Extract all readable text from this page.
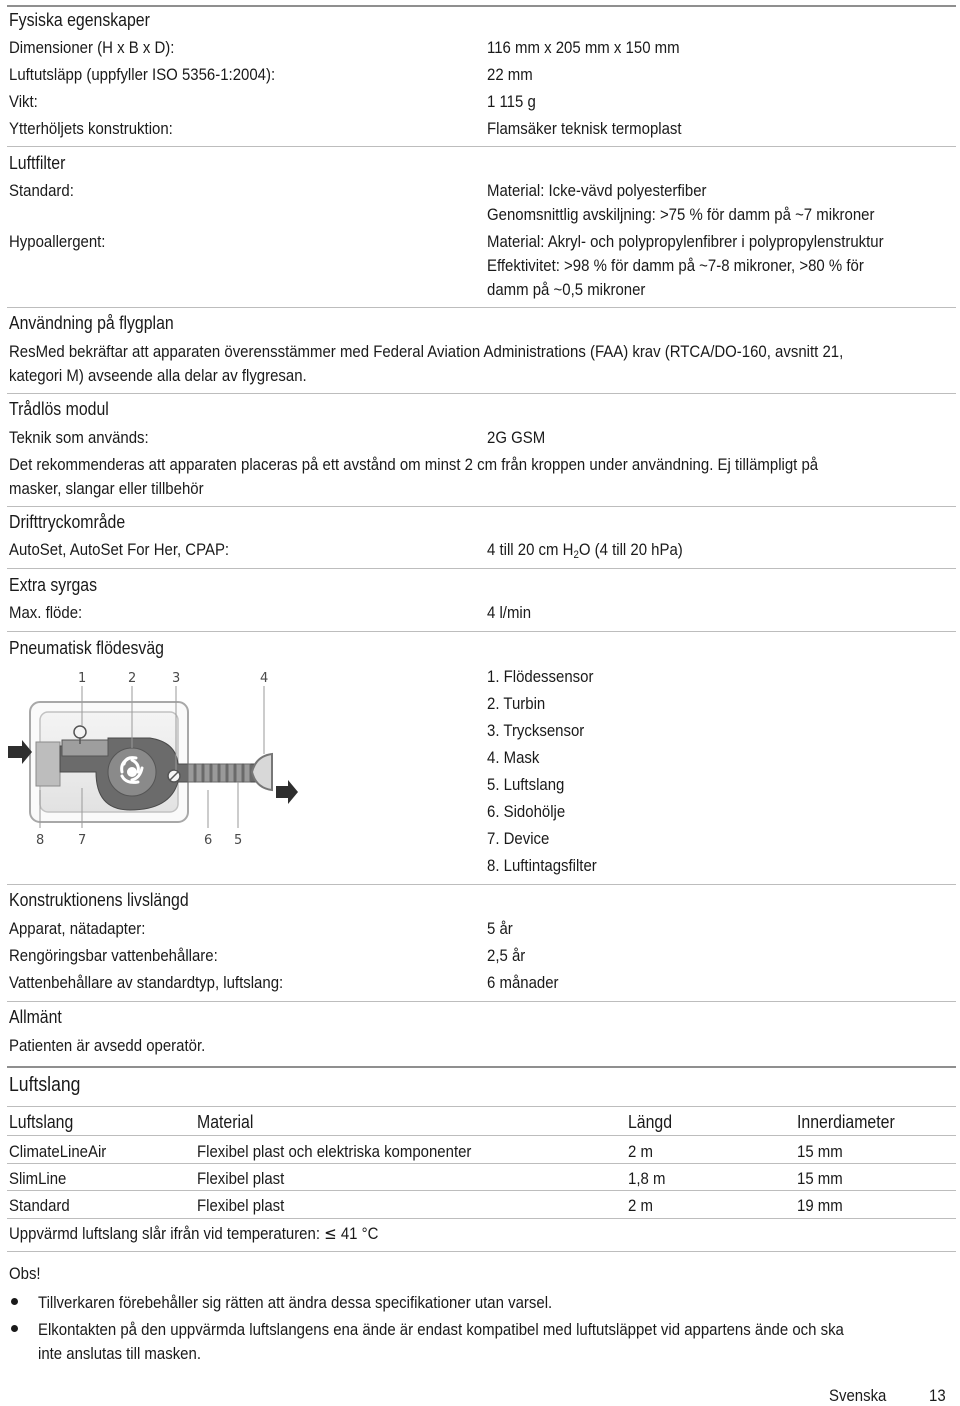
Fysiska egenskaper
Dimensioner (H x B x D):	116 mm x 205 mm x 150 mm
Luftutsläpp (uppfyller ISO 5356-1:2004):	22 mm
Vikt:	1 115 g
Ytterhöljets konstruktion:	Flamsäker teknisk termoplast
Luftfilter
Standard:	Material: Icke-vävd polyesterfiber
Genomsnittlig avskiljning: >75 % för damm på ~7 mikroner
Hypoallergent:	Material: Akryl- och polypropylenfibrer i polypropylenstruktur
Effektivitet: >98 % för damm på ~7-8 mikroner, >80 % för
damm på ~0,5 mikroner
Användning på flygplan
ResMed bekräftar att apparaten överensstämmer med Federal Aviation Administrations (FAA) krav (RTCA/DO-160, avsnitt 21,
kategori M) avseende alla delar av flygresan.
Trådlös modul
Teknik som används:	2G GSM
Det rekommenderas att apparaten placeras på ett avstånd om minst 2 cm från kroppen under användning. Ej tillämpligt på
masker, slangar eller tillbehör
Drifttryckområde
AutoSet, AutoSet For Her, CPAP:	4 till 20 cm H2O (4 till 20 hPa)
Extra syrgas
Max. flöde:	4 l/min
Pneumatisk flödesväg
1	2	3	4
8	7	6 5
1. Flödessensor
2. Turbin
3. Trycksensor
4. Mask
5. Luftslang
6. Sidohölje
7. Device
8. Luftintagsfilter
Konstruktionens livslängd
Apparat, nätadapter:	5 år
Rengöringsbar vattenbehållare:	2,5 år
Vattenbehållare av standardtyp, luftslang:	6 månader
Allmänt
Patienten är avsedd operatör.
Luftslang
Luftslang	Material	Längd	Innerdiameter
ClimateLineAir	Flexibel plast och elektriska komponenter	2 m	15 mm
SlimLine	Flexibel plast	1,8 m	15 mm
Standard	Flexibel plast	2 m	19 mm
Uppvärmd luftslang slår ifrån vid temperaturen: ≤ 41 °C
Obs!
Tillverkaren förebehåller sig rätten att ändra dessa specifikationer utan varsel.
Elkontakten på den uppvärmda luftslangens ena ände är endast kompatibel med luftutsläppet vid appartens ände och ska
inte anslutas till masken.
Svenska	13
